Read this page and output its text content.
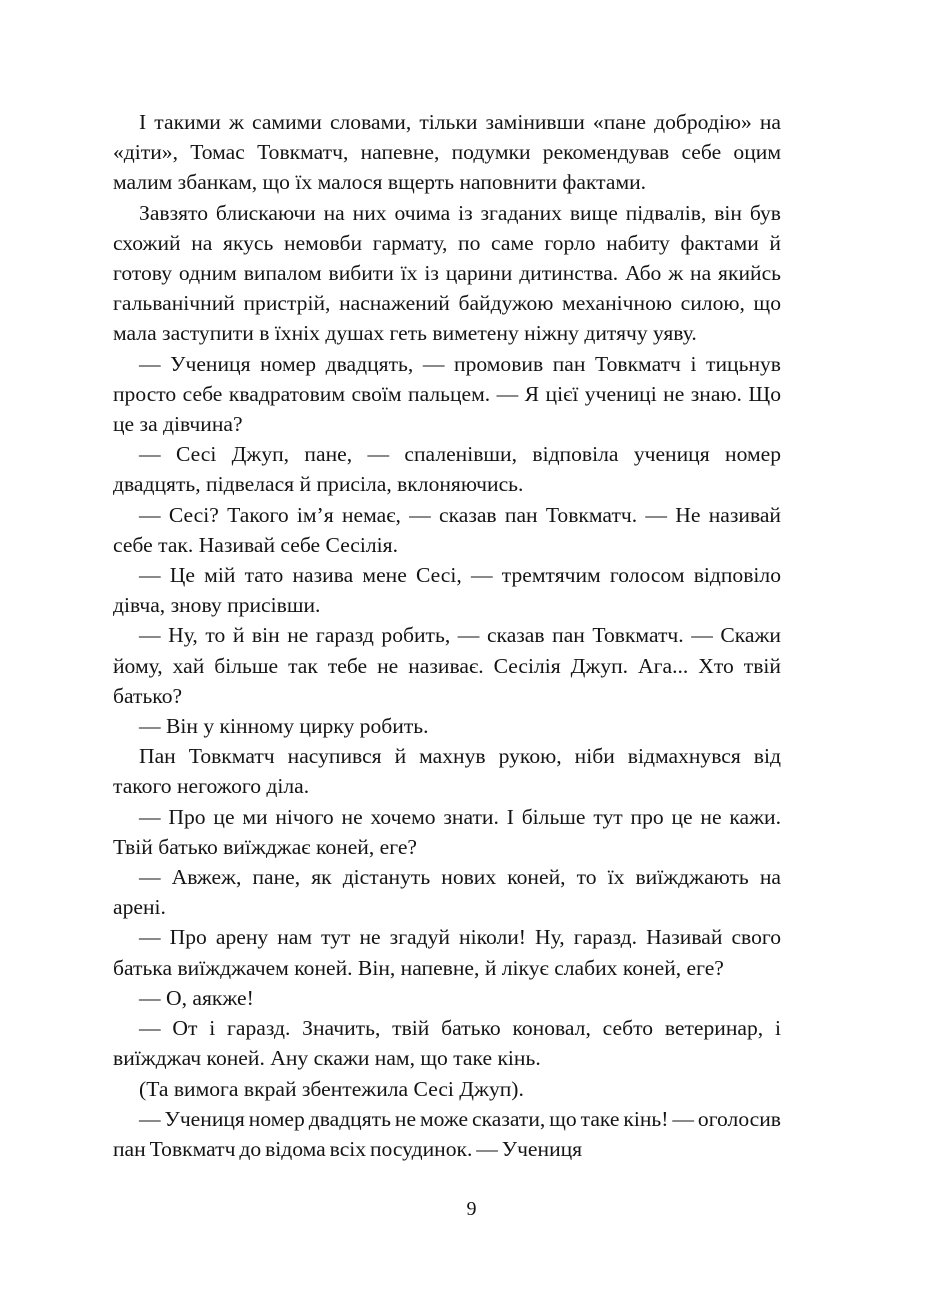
І такими ж самими словами, тільки замінивши «пане добродію» на «діти», Томас Товкматч, напевне, подумки рекомендував себе оцим малим збанкам, що їх малося вщерть наповнити фактами.

Завзято блискаючи на них очима із згаданих вище підвалів, він був схожий на якусь немовби гармату, по саме горло набиту фактами й готову одним випалом вибити їх із царини дитинства. Або ж на якийсь гальванічний пристрій, наснажений байдужою механічною силою, що мала заступити в їхніх душах геть виметену ніжну дитячу уяву.

— Учениця номер двадцять, — промовив пан Товкматч і тицьнув просто себе квадратовим своїм пальцем. — Я цієї учениці не знаю. Що це за дівчина?

— Сесі Джуп, пане, — спаленівши, відповіла учениця номер двадцять, підвелася й присіла, вклоняючись.

— Сесі? Такого ім’я немає, — сказав пан Товкматч. — Не називай себе так. Називай себе Сесілія.

— Це мій тато назива мене Сесі, — тремтячим голосом відповіло дівча, знову присівши.

— Ну, то й він не гаразд робить, — сказав пан Товкматч. — Скажи йому, хай більше так тебе не називає. Сесілія Джуп. Ага... Хто твій батько?

— Він у кінному цирку робить.

Пан Товкматч насупився й махнув рукою, ніби відмахнувся від такого негожого діла.

— Про це ми нічого не хочемо знати. І більше тут про це не кажи. Твій батько виїжджає коней, еге?

— Авжеж, пане, як дістануть нових коней, то їх виїжджають на арені.

— Про арену нам тут не згадуй ніколи! Ну, гаразд. Називай свого батька виїжджачем коней. Він, напевне, й лікує слабих коней, еге?

— О, аякже!

— От і гаразд. Значить, твій батько коновал, себто ветеринар, і виїжджач коней. Ану скажи нам, що таке кінь.

(Та вимога вкрай збентежила Сесі Джуп).

— Учениця номер двадцять не може сказати, що таке кінь! — оголосив пан Товкматч до відома всіх посудинок. — Учениця

9
